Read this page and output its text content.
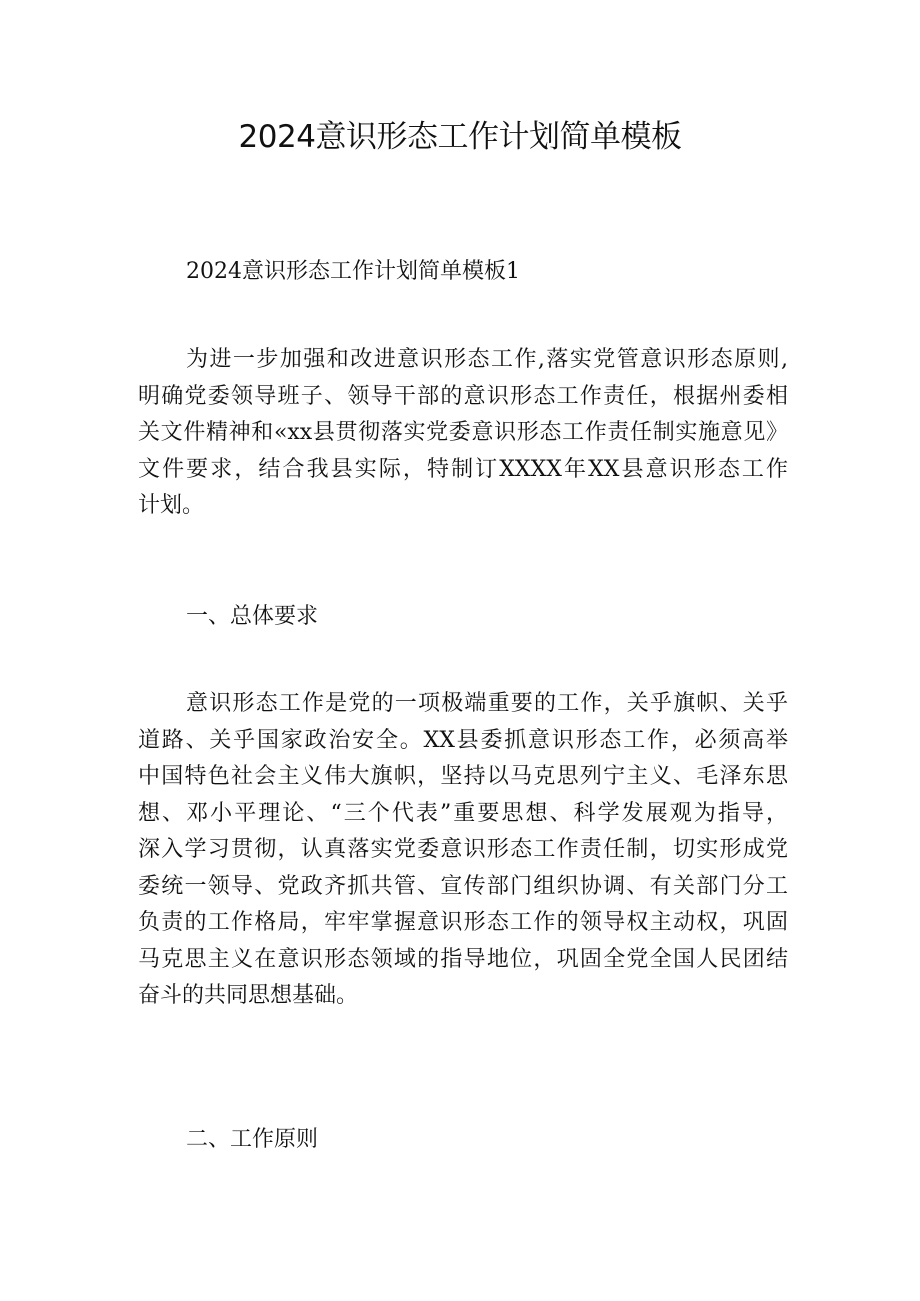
2024意识形态工作计划简单模板

2024意识形态工作计划简单模板1

为进一步加强和改进意识形态工作,落实党管意识形态原则,
明确党委领导班子、领导干部的意识形态工作责任，根据州委相
关文件精神和«xx县贯彻落实党委意识形态工作责任制实施意见》
文件要求，结合我县实际，特制订XXXX年XX县意识形态工作
计划。

一、总体要求

意识形态工作是党的一项极端重要的工作，关乎旗帜、关乎
道路、关乎国家政治安全。XX县委抓意识形态工作，必须高举
中国特色社会主义伟大旗帜，坚持以马克思列宁主义、毛泽东思
想、邓小平理论、“三个代表”重要思想、科学发展观为指导，
深入学习贯彻，认真落实党委意识形态工作责任制，切实形成党
委统一领导、党政齐抓共管、宣传部门组织协调、有关部门分工
负责的工作格局，牢牢掌握意识形态工作的领导权主动权，巩固
马克思主义在意识形态领域的指导地位，巩固全党全国人民团结
奋斗的共同思想基础。

二、工作原则
